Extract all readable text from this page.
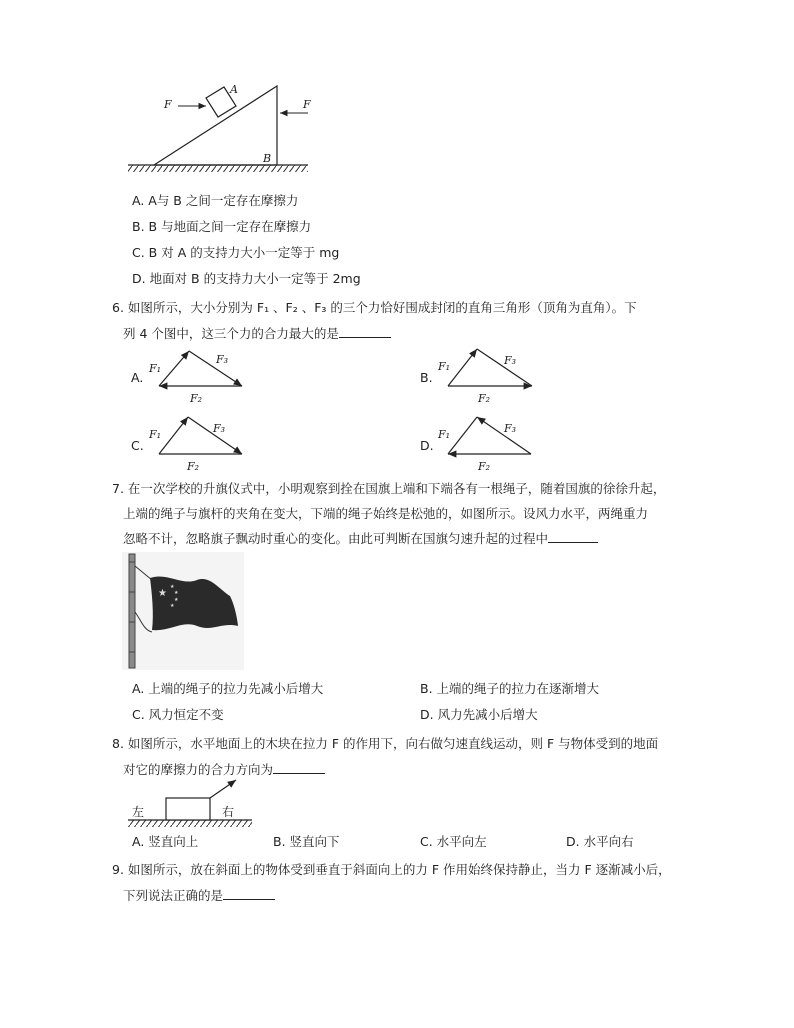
F	F
A
B
A. A与 B 之间一定存在摩擦力
B. B 与地面之间一定存在摩擦力
C. B 对 A 的支持力大小一定等于 mg
D. 地面对 B 的支持力大小一定等于 2mg
6. 如图所示，大小分别为 F₁ 、F₂ 、F₃ 的三个力恰好围成封闭的直角三角形（顶角为直角）。下
列 4 个图中，这三个力的合力最大的是
A.
F₁
F₃
F₂
B.
F₁	F₃
F₂
C.
F₁	F₃
F₂
D.
F₁	F₃
F₂
7. 在一次学校的升旗仪式中，小明观察到拴在国旗上端和下端各有一根绳子，随着国旗的徐徐升起，
上端的绳子与旗杆的夹角在变大，下端的绳子始终是松弛的，如图所示。设风力水平，两绳重力
忽略不计，忽略旗子飘动时重心的变化。由此可判断在国旗匀速升起的过程中
★
★
★
★
★
A. 上端的绳子的拉力先减小后增大	B. 上端的绳子的拉力在逐渐增大
C. 风力恒定不变	D. 风力先减小后增大
8. 如图所示，水平地面上的木块在拉力 F 的作用下，向右做匀速直线运动，则 F 与物体受到的地面
对它的摩擦力的合力方向为
左	右
A. 竖直向上	B. 竖直向下	C. 水平向左	D. 水平向右
9. 如图所示，放在斜面上的物体受到垂直于斜面向上的力 F 作用始终保持静止，当力 F 逐渐减小后，
下列说法正确的是
